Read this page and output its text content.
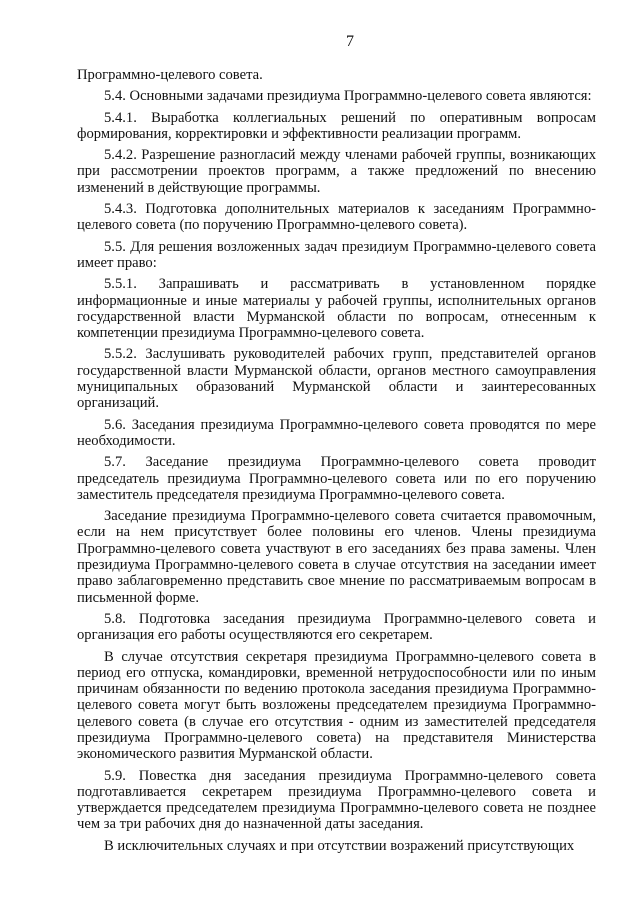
7

Программно-целевого совета.

5.4. Основными задачами президиума Программно-целевого совета являются:

5.4.1. Выработка коллегиальных решений по оперативным вопросам формирования, корректировки и эффективности реализации программ.

5.4.2. Разрешение разногласий между членами рабочей группы, возникающих при рассмотрении проектов программ, а также предложений по внесению изменений в действующие программы.

5.4.3. Подготовка дополнительных материалов к заседаниям Программно-целевого совета (по поручению Программно-целевого совета).

5.5. Для решения возложенных задач президиум Программно-целевого совета имеет право:

5.5.1. Запрашивать и рассматривать в установленном порядке информационные и иные материалы у рабочей группы, исполнительных органов государственной власти Мурманской области по вопросам, отнесенным к компетенции президиума Программно-целевого совета.

5.5.2. Заслушивать руководителей рабочих групп, представителей органов государственной власти Мурманской области, органов местного самоуправления муниципальных образований Мурманской области и заинтересованных организаций.

5.6. Заседания президиума Программно-целевого совета проводятся по мере необходимости.

5.7. Заседание президиума Программно-целевого совета проводит председатель президиума Программно-целевого совета или по его поручению заместитель председателя президиума Программно-целевого совета.

Заседание президиума Программно-целевого совета считается правомочным, если на нем присутствует более половины его членов. Члены президиума Программно-целевого совета участвуют в его заседаниях без права замены. Член президиума Программно-целевого совета в случае отсутствия на заседании имеет право заблаговременно представить свое мнение по рассматриваемым вопросам в письменной форме.

5.8. Подготовка заседания президиума Программно-целевого совета и организация его работы осуществляются его секретарем.

В случае отсутствия секретаря президиума Программно-целевого совета в период его отпуска, командировки, временной нетрудоспособности или по иным причинам обязанности по ведению протокола заседания президиума Программно-целевого совета могут быть возложены председателем президиума Программно-целевого совета (в случае его отсутствия - одним из заместителей председателя президиума Программно-целевого совета) на представителя Министерства экономического развития Мурманской области.

5.9. Повестка дня заседания президиума Программно-целевого совета подготавливается секретарем президиума Программно-целевого совета и утверждается председателем президиума Программно-целевого совета не позднее чем за три рабочих дня до назначенной даты заседания.

В исключительных случаях и при отсутствии возражений присутствующих
